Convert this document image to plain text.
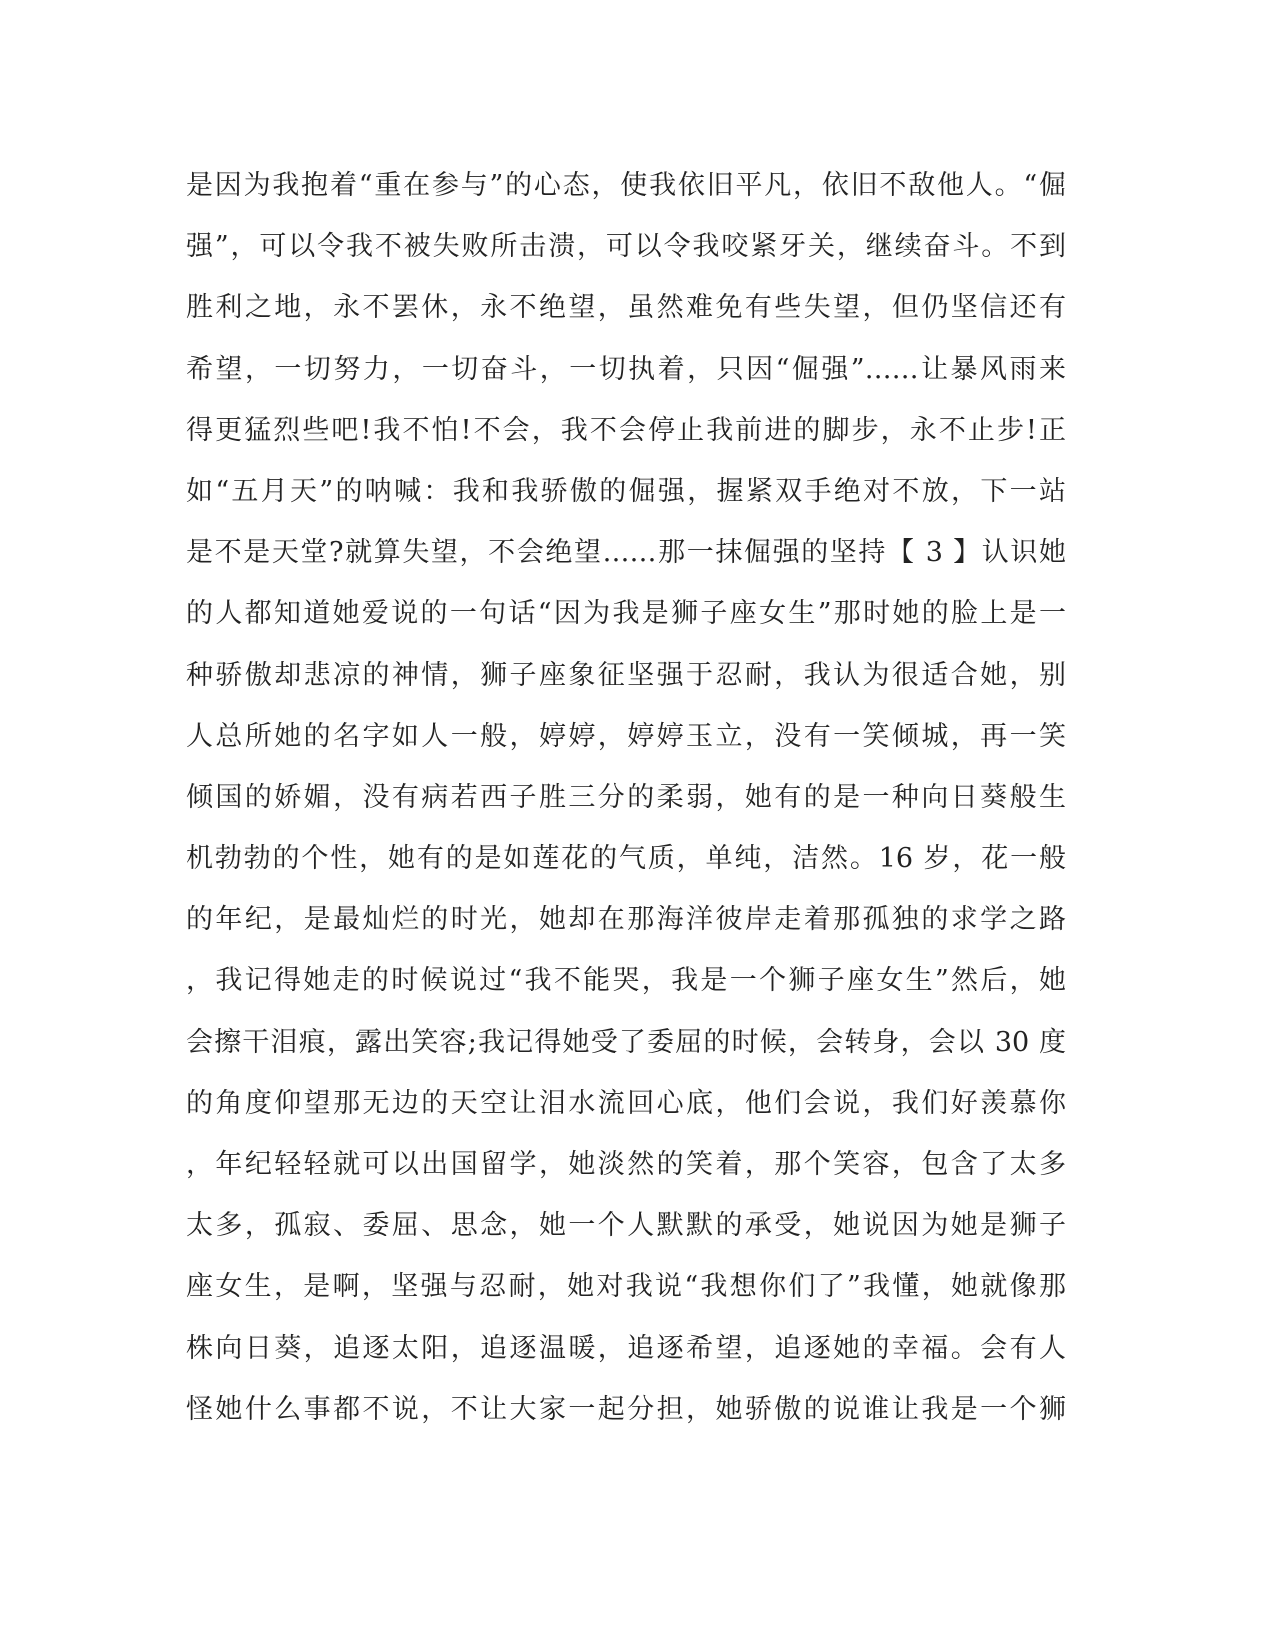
是因为我抱着“重在参与”的心态，使我依旧平凡，依旧不敌他人。“倔
强”，可以令我不被失败所击溃，可以令我咬紧牙关，继续奋斗。不到
胜利之地，永不罢休，永不绝望，虽然难免有些失望，但仍坚信还有
希望，一切努力，一切奋斗，一切执着，只因“倔强”……让暴风雨来
得更猛烈些吧!我不怕!不会，我不会停止我前进的脚步，永不止步!正
如“五月天”的呐喊：我和我骄傲的倔强，握紧双手绝对不放，下一站
是不是天堂?就算失望，不会绝望……那一抹倔强的坚持【 3 】认识她
的人都知道她爱说的一句话“因为我是狮子座女生”那时她的脸上是一
种骄傲却悲凉的神情，狮子座象征坚强于忍耐，我认为很适合她，别
人总所她的名字如人一般，婷婷，婷婷玉立，没有一笑倾城，再一笑
倾国的娇媚，没有病若西子胜三分的柔弱，她有的是一种向日葵般生
机勃勃的个性，她有的是如莲花的气质，单纯，洁然。16 岁，花一般
的年纪，是最灿烂的时光，她却在那海洋彼岸走着那孤独的求学之路
，我记得她走的时候说过“我不能哭，我是一个狮子座女生”然后，她
会擦干泪痕，露出笑容;我记得她受了委屈的时候，会转身，会以 30 度
的角度仰望那无边的天空让泪水流回心底，他们会说，我们好羡慕你
，年纪轻轻就可以出国留学，她淡然的笑着，那个笑容，包含了太多
太多，孤寂、委屈、思念，她一个人默默的承受，她说因为她是狮子
座女生，是啊，坚强与忍耐，她对我说“我想你们了”我懂，她就像那
株向日葵，追逐太阳，追逐温暖，追逐希望，追逐她的幸福。会有人
怪她什么事都不说，不让大家一起分担，她骄傲的说谁让我是一个狮
